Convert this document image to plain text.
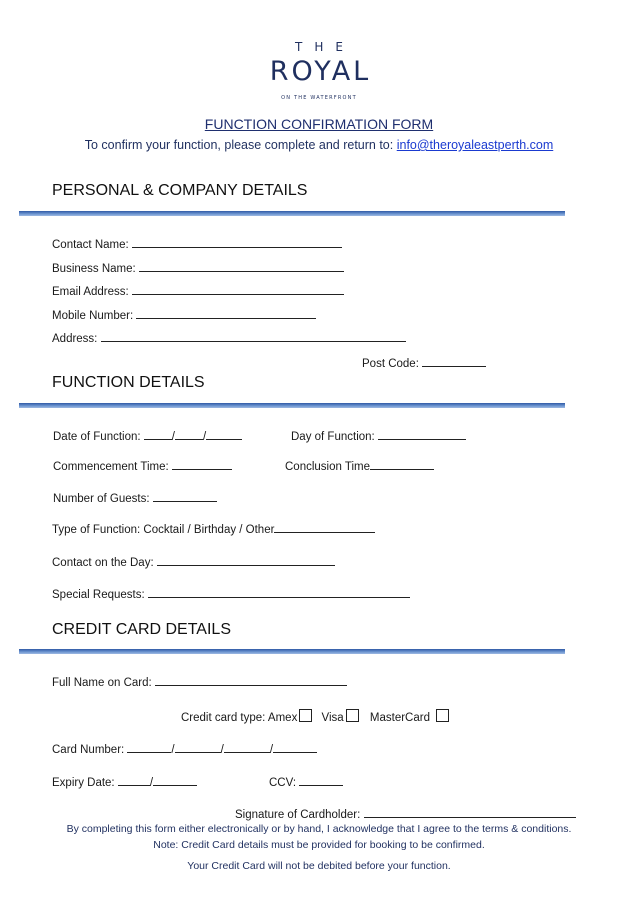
THE
ROYAL
ON THE WATERFRONT
FUNCTION CONFIRMATION FORM
To confirm your function, please complete and return to: info@theroyaleastperth.com
PERSONAL & COMPANY DETAILS
Contact Name:
Business Name:
Email Address:
Mobile Number:
Address:
Post Code:
FUNCTION DETAILS
Date of Function: / /	Day of Function:
Commencement Time:	Conclusion Time
Number of Guests:
Type of Function: Cocktail / Birthday / Other
Contact on the Day:
Special Requests:
CREDIT CARD DETAILS
Full Name on Card:
Credit card type: Amex Visa MasterCard
Card Number:	/	/	/
Expiry Date:	/	CCV:
Signature of Cardholder:
By completing this form either electronically or by hand, I acknowledge that I agree to the terms & conditions.
Note: Credit Card details must be provided for booking to be confirmed.
Your Credit Card will not be debited before your function.
